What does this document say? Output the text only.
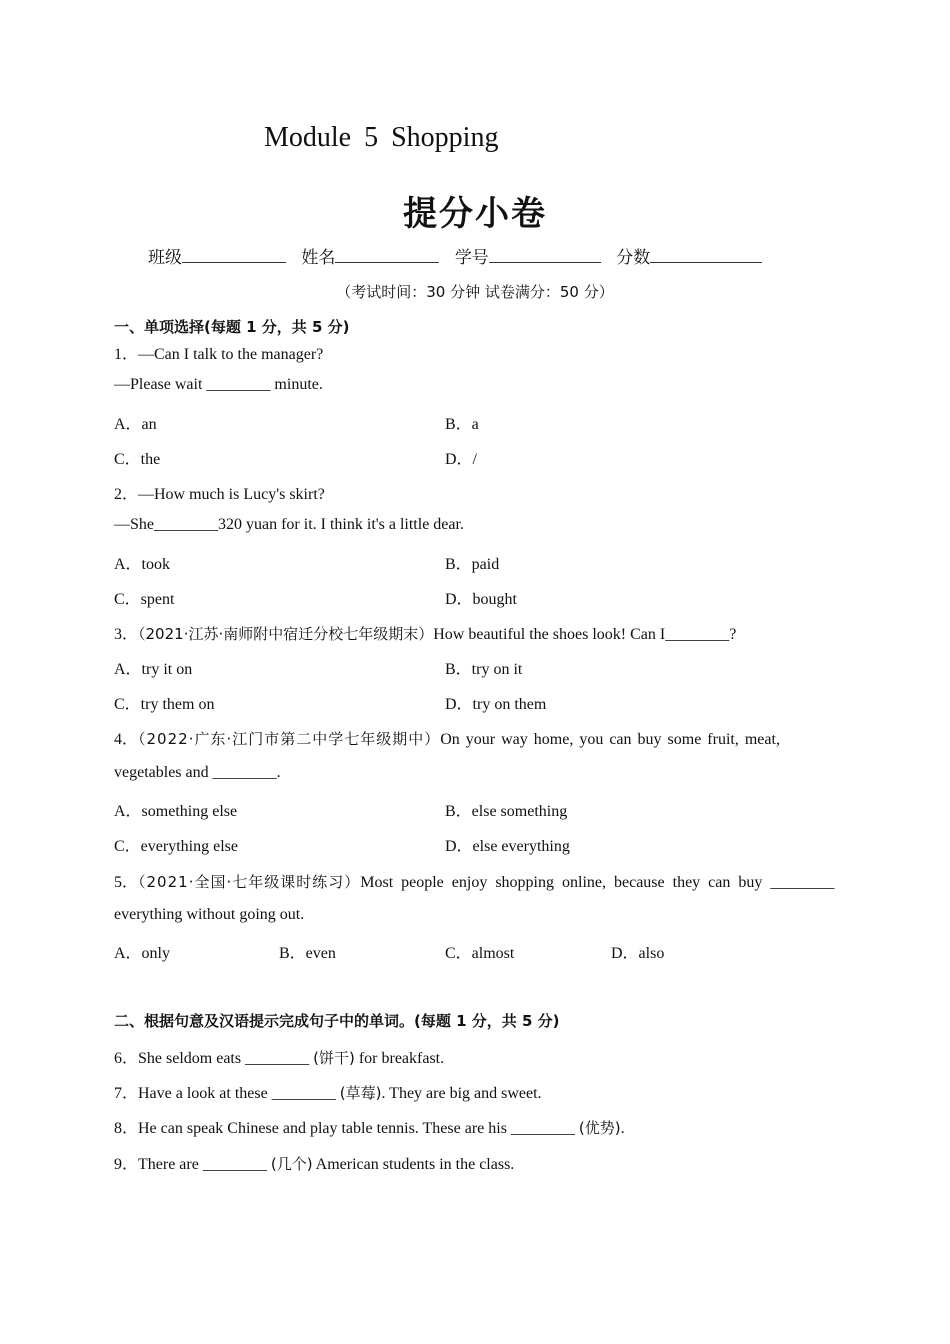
Module 5 Shopping
提分小卷
班级	姓名	学号	分数
（考试时间：30 分钟 试卷满分：50 分）
一、单项选择(每题 1 分，共 5 分)
1．—Can I talk to the manager?
—Please wait ________ minute.
A．an	B．a
C．the	D．/
2．—How much is Lucy's skirt?
—She________320 yuan for it. I think it's a little dear.
A．took	B．paid
C．spent	D．bought
3．（2021·江苏·南师附中宿迁分校七年级期末）How beautiful the shoes look! Can I________?
A．try it on	B．try on it
C．try them on	D．try on them
4．（2022·广东·江门市第二中学七年级期中）On your way home, you can buy some fruit, meat,
vegetables and ________.
A．something else	B．else something
C．everything else	D．else everything
5．（2021·全国·七年级课时练习）Most people enjoy shopping online, because they can buy ________
everything without going out.
A．only	B．even	C．almost	D．also
二、根据句意及汉语提示完成句子中的单词。(每题 1 分，共 5 分)
6．She seldom eats ________ (饼干) for breakfast.
7．Have a look at these ________ (草莓). They are big and sweet.
8．He can speak Chinese and play table tennis. These are his ________ (优势).
9．There are ________ (几个) American students in the class.
